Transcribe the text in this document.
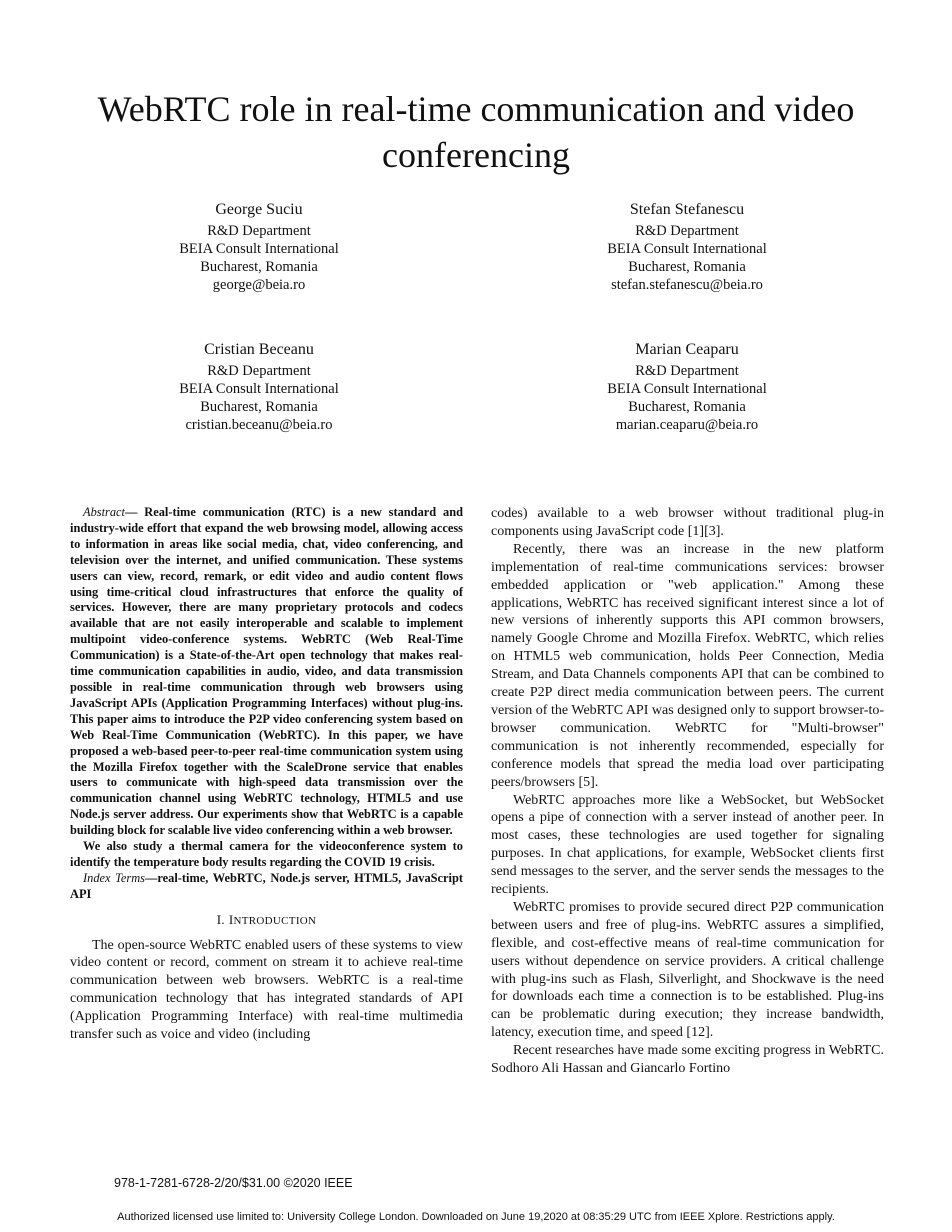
WebRTC role in real-time communication and video
conferencing
George Suciu
R&D Department
BEIA Consult International
Bucharest, Romania
george@beia.ro
Stefan Stefanescu
R&D Department
BEIA Consult International
Bucharest, Romania
stefan.stefanescu@beia.ro
Cristian Beceanu
R&D Department
BEIA Consult International
Bucharest, Romania
cristian.beceanu@beia.ro
Marian Ceaparu
R&D Department
BEIA Consult International
Bucharest, Romania
marian.ceaparu@beia.ro

Abstract— Real-time communication (RTC) is a new standard and industry-wide effort that expand the web browsing model, allowing access to information in areas like social media, chat, video conferencing, and television over the internet, and unified communication. These systems users can view, record, remark, or edit video and audio content flows using time-critical cloud infrastructures that enforce the quality of services. However, there are many proprietary protocols and codecs available that are not easily interoperable and scalable to implement multipoint video-conference systems. WebRTC (Web Real-Time Communication) is a State-of-the-Art open technology that makes real-time communication capabilities in audio, video, and data transmission possible in real-time communication through web browsers using JavaScript APIs (Application Programming Interfaces) without plug-ins. This paper aims to introduce the P2P video conferencing system based on Web Real-Time Communication (WebRTC). In this paper, we have proposed a web-based peer-to-peer real-time communication system using the Mozilla Firefox together with the ScaleDrone service that enables users to communicate with high-speed data transmission over the communication channel using WebRTC technology, HTML5 and use Node.js server address. Our experiments show that WebRTC is a capable building block for scalable live video conferencing within a web browser.

We also study a thermal camera for the videoconference system to identify the temperature body results regarding the COVID 19 crisis.

Index Terms—real-time, WebRTC, Node.js server, HTML5, JavaScript API

I. INTRODUCTION

The open-source WebRTC enabled users of these systems to view video content or record, comment on stream it to achieve real-time communication between web browsers. WebRTC is a real-time communication technology that has integrated standards of API (Application Programming Interface) with real-time multimedia transfer such as voice and video (including

codes) available to a web browser without traditional plug-in components using JavaScript code [1][3].

Recently, there was an increase in the new platform implementation of real-time communications services: browser embedded application or "web application." Among these applications, WebRTC has received significant interest since a lot of new versions of inherently supports this API common browsers, namely Google Chrome and Mozilla Firefox. WebRTC, which relies on HTML5 web communication, holds Peer Connection, Media Stream, and Data Channels components API that can be combined to create P2P direct media communication between peers. The current version of the WebRTC API was designed only to support browser-to-browser communication. WebRTC for "Multi-browser" communication is not inherently recommended, especially for conference models that spread the media load over participating peers/browsers [5].

WebRTC approaches more like a WebSocket, but WebSocket opens a pipe of connection with a server instead of another peer. In most cases, these technologies are used together for signaling purposes. In chat applications, for example, WebSocket clients first send messages to the server, and the server sends the messages to the recipients.

WebRTC promises to provide secured direct P2P communication between users and free of plug-ins. WebRTC assures a simplified, flexible, and cost-effective means of real-time communication for users without dependence on service providers. A critical challenge with plug-ins such as Flash, Silverlight, and Shockwave is the need for downloads each time a connection is to be established. Plug-ins can be problematic during execution; they increase bandwidth, latency, execution time, and speed [12].

Recent researches have made some exciting progress in WebRTC. Sodhoro Ali Hassan and Giancarlo Fortino

978-1-7281-6728-2/20/$31.00 ©2020 IEEE
Authorized licensed use limited to: University College London. Downloaded on June 19,2020 at 08:35:29 UTC from IEEE Xplore. Restrictions apply.
